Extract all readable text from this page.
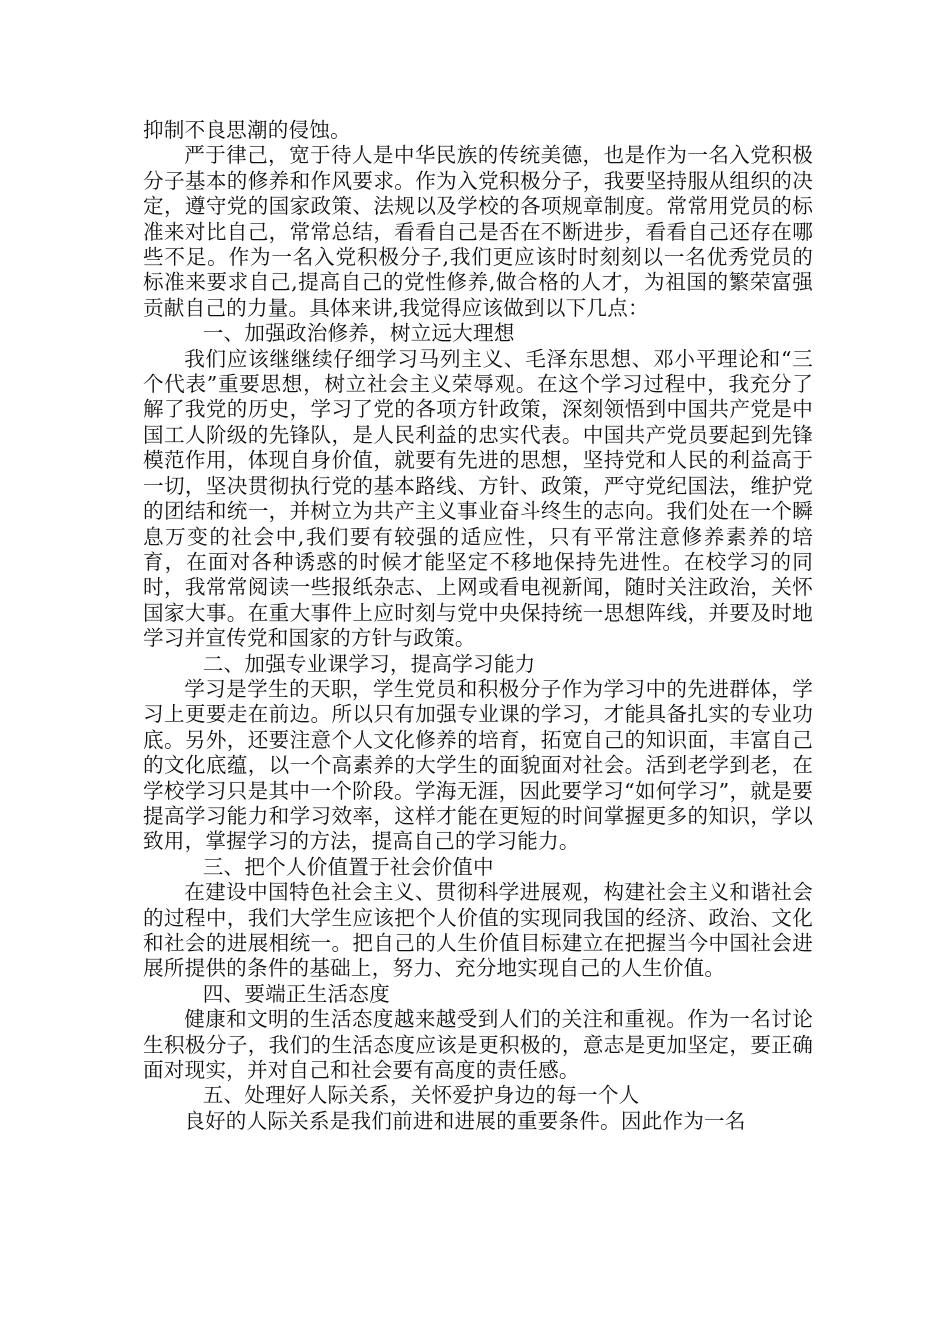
抑制不良思潮的侵蚀。

严于律己，宽于待人是中华民族的传统美德，也是作为一名入党积极分子基本的修养和作风要求。作为入党积极分子，我要坚持服从组织的决定，遵守党的国家政策、法规以及学校的各项规章制度。常常用党员的标准来对比自己，常常总结，看看自己是否在不断进步，看看自己还存在哪些不足。作为一名入党积极分子,我们更应该时时刻刻以一名优秀党员的标准来要求自己,提高自己的党性修养,做合格的人才，为祖国的繁荣富强贡献自己的力量。具体来讲,我觉得应该做到以下几点：

一、加强政治修养，树立远大理想

我们应该继继续仔细学习马列主义、毛泽东思想、邓小平理论和“三个代表”重要思想，树立社会主义荣辱观。在这个学习过程中，我充分了解了我党的历史，学习了党的各项方针政策，深刻领悟到中国共产党是中国工人阶级的先锋队，是人民利益的忠实代表。中国共产党员要起到先锋模范作用，体现自身价值，就要有先进的思想，坚持党和人民的利益高于一切，坚决贯彻执行党的基本路线、方针、政策，严守党纪国法，维护党的团结和统一，并树立为共产主义事业奋斗终生的志向。我们处在一个瞬息万变的社会中,我们要有较强的适应性，只有平常注意修养素养的培育，在面对各种诱惑的时候才能坚定不移地保持先进性。在校学习的同时，我常常阅读一些报纸杂志、上网或看电视新闻，随时关注政治，关怀国家大事。在重大事件上应时刻与党中央保持统一思想阵线，并要及时地学习并宣传党和国家的方针与政策。

二、加强专业课学习，提高学习能力

学习是学生的天职，学生党员和积极分子作为学习中的先进群体，学习上更要走在前边。所以只有加强专业课的学习，才能具备扎实的专业功底。另外，还要注意个人文化修养的培育，拓宽自己的知识面，丰富自己的文化底蕴，以一个高素养的大学生的面貌面对社会。活到老学到老，在学校学习只是其中一个阶段。学海无涯，因此要学习“如何学习”，就是要提高学习能力和学习效率，这样才能在更短的时间掌握更多的知识，学以致用，掌握学习的方法，提高自己的学习能力。

三、把个人价值置于社会价值中

在建设中国特色社会主义、贯彻科学进展观，构建社会主义和谐社会的过程中，我们大学生应该把个人价值的实现同我国的经济、政治、文化和社会的进展相统一。把自己的人生价值目标建立在把握当今中国社会进展所提供的条件的基础上，努力、充分地实现自己的人生价值。

四、要端正生活态度

健康和文明的生活态度越来越受到人们的关注和重视。作为一名讨论生积极分子，我们的生活态度应该是更积极的，意志是更加坚定，要正确面对现实，并对自己和社会要有高度的责任感。

五、处理好人际关系，关怀爱护身边的每一个人

良好的人际关系是我们前进和进展的重要条件。因此作为一名
